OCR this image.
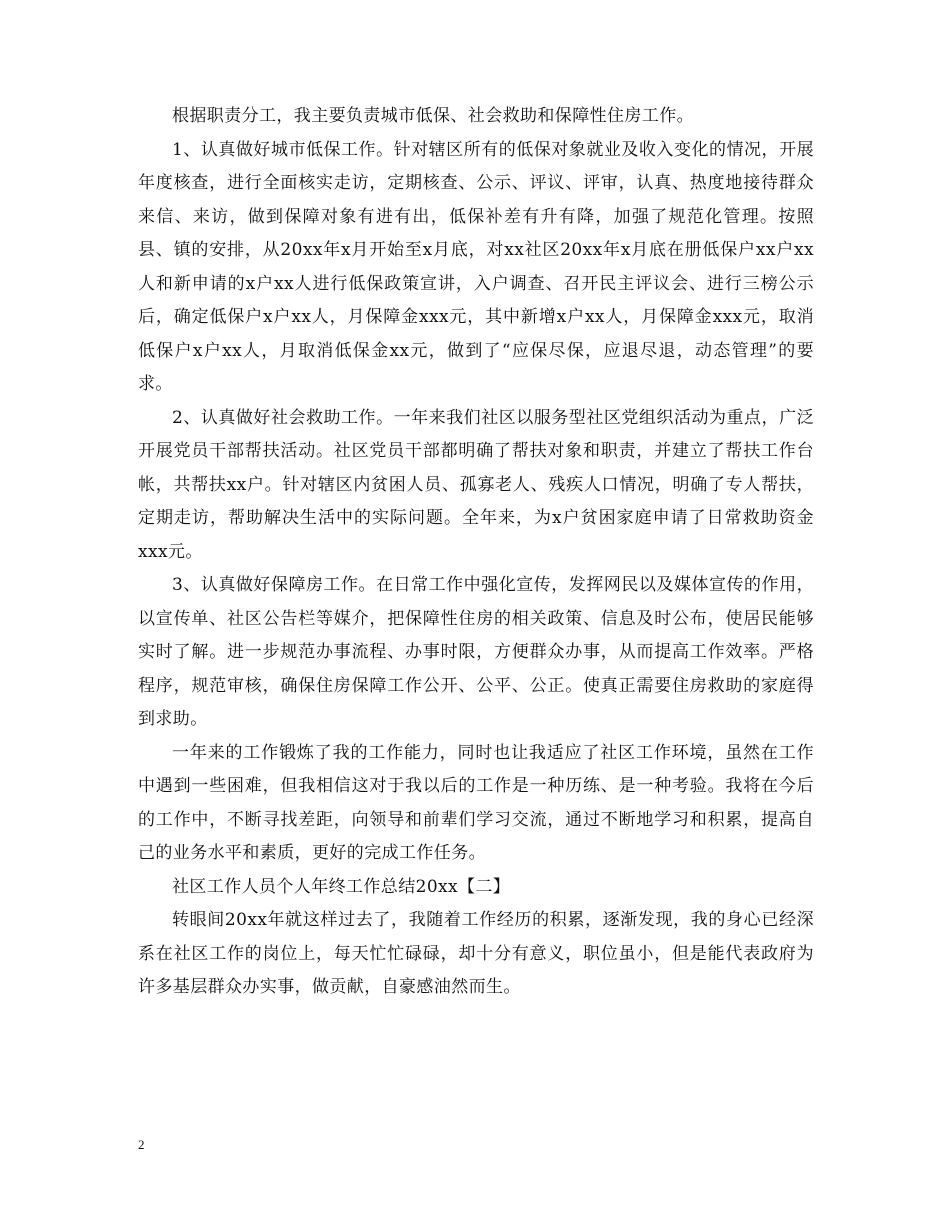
根据职责分工，我主要负责城市低保、社会救助和保障性住房工作。

1、认真做好城市低保工作。针对辖区所有的低保对象就业及收入变化的情况，开展年度核查，进行全面核实走访，定期核查、公示、评议、评审，认真、热度地接待群众来信、来访，做到保障对象有进有出，低保补差有升有降，加强了规范化管理。按照县、镇的安排，从20xx年x月开始至x月底，对xx社区20xx年x月底在册低保户xx户xx人和新申请的x户xx人进行低保政策宣讲，入户调查、召开民主评议会、进行三榜公示后，确定低保户x户xx人，月保障金xxx元，其中新增x户xx人，月保障金xxx元，取消低保户x户xx人，月取消低保金xx元，做到了“应保尽保，应退尽退，动态管理”的要求。

2、认真做好社会救助工作。一年来我们社区以服务型社区党组织活动为重点，广泛开展党员干部帮扶活动。社区党员干部都明确了帮扶对象和职责，并建立了帮扶工作台帐，共帮扶xx户。针对辖区内贫困人员、孤寡老人、残疾人口情况，明确了专人帮扶，定期走访，帮助解决生活中的实际问题。全年来，为x户贫困家庭申请了日常救助资金xxx元。

3、认真做好保障房工作。在日常工作中强化宣传，发挥网民以及媒体宣传的作用，以宣传单、社区公告栏等媒介，把保障性住房的相关政策、信息及时公布，使居民能够实时了解。进一步规范办事流程、办事时限，方便群众办事，从而提高工作效率。严格程序，规范审核，确保住房保障工作公开、公平、公正。使真正需要住房救助的家庭得到求助。

一年来的工作锻炼了我的工作能力，同时也让我适应了社区工作环境，虽然在工作中遇到一些困难，但我相信这对于我以后的工作是一种历练、是一种考验。我将在今后的工作中，不断寻找差距，向领导和前辈们学习交流，通过不断地学习和积累，提高自己的业务水平和素质，更好的完成工作任务。

社区工作人员个人年终工作总结20xx【二】

转眼间20xx年就这样过去了，我随着工作经历的积累，逐渐发现，我的身心已经深系在社区工作的岗位上，每天忙忙碌碌，却十分有意义，职位虽小，但是能代表政府为许多基层群众办实事，做贡献，自豪感油然而生。

2
